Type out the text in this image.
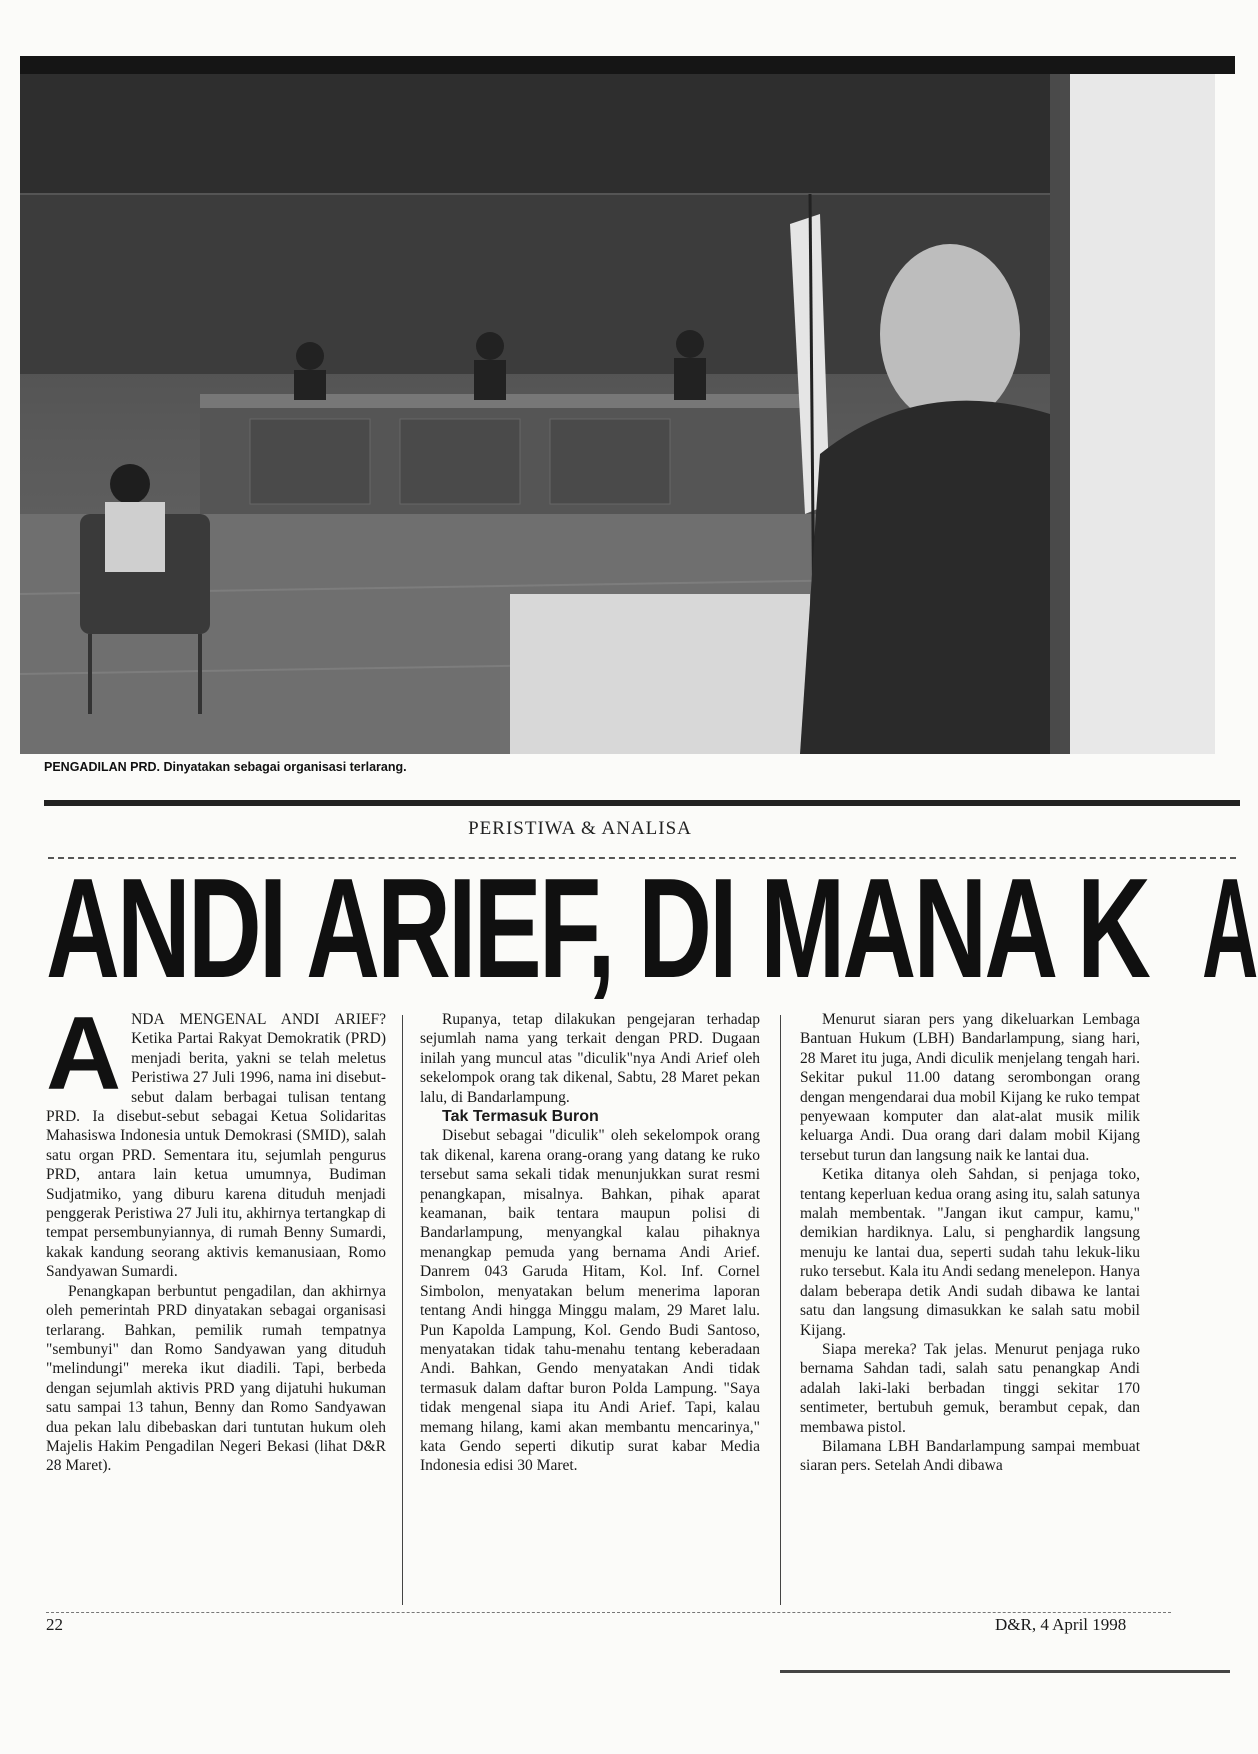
PENGADILAN PRD. Dinyatakan sebagai organisasi terlarang.
PERISTIWA & ANALISA
ANDI ARIEF, DI MANA K A
A NDA MENGENAL ANDI ARIEF? Ketika Partai Rakyat Demokratik (PRD) menjadi berita, yakni se telah meletus Peristiwa 27 Juli 1996, nama ini disebut-sebut dalam berbagai tulisan tentang PRD. Ia disebut-sebut sebagai Ketua Solidaritas Mahasiswa Indonesia untuk Demokrasi (SMID), salah satu organ PRD. Sementara itu, sejumlah pengurus PRD, antara lain ketua umumnya, Budiman Sudjatmiko, yang diburu karena dituduh menjadi penggerak Peristiwa 27 Juli itu, akhirnya tertangkap di tempat persembunyiannya, di rumah Benny Sumardi, kakak kandung seorang aktivis kemanusiaan, Romo Sandyawan Sumardi.

Penangkapan berbuntut pengadilan, dan akhirnya oleh pemerintah PRD dinyatakan sebagai organisasi terlarang. Bahkan, pemilik rumah tempatnya "sembunyi" dan Romo Sandyawan yang dituduh "melindungi" mereka ikut diadili. Tapi, berbeda dengan sejumlah aktivis PRD yang dijatuhi hukuman satu sampai 13 tahun, Benny dan Romo Sandyawan dua pekan lalu dibebaskan dari tuntutan hukum oleh Majelis Hakim Pengadilan Negeri Bekasi (lihat D&R 28 Maret).

Rupanya, tetap dilakukan pengejaran terhadap sejumlah nama yang terkait dengan PRD. Dugaan inilah yang muncul atas "diculik"nya Andi Arief oleh sekelompok orang tak dikenal, Sabtu, 28 Maret pekan lalu, di Bandarlampung.

Tak Termasuk Buron

Disebut sebagai "diculik" oleh sekelompok orang tak dikenal, karena orang-orang yang datang ke ruko tersebut sama sekali tidak menunjukkan surat resmi penangkapan, misalnya. Bahkan, pihak aparat keamanan, baik tentara maupun polisi di Bandarlampung, menyangkal kalau pihaknya menangkap pemuda yang bernama Andi Arief. Danrem 043 Garuda Hitam, Kol. Inf. Cornel Simbolon, menyatakan belum menerima laporan tentang Andi hingga Minggu malam, 29 Maret lalu. Pun Kapolda Lampung, Kol. Gendo Budi Santoso, menyatakan tidak tahu-menahu tentang keberadaan Andi. Bahkan, Gendo menyatakan Andi tidak termasuk dalam daftar buron Polda Lampung. "Saya tidak mengenal siapa itu Andi Arief. Tapi, kalau memang hilang, kami akan membantu mencarinya," kata Gendo seperti dikutip surat kabar Media Indonesia edisi 30 Maret.

Menurut siaran pers yang dikeluarkan Lembaga Bantuan Hukum (LBH) Bandarlampung, siang hari, 28 Maret itu juga, Andi diculik menjelang tengah hari. Sekitar pukul 11.00 datang serombongan orang dengan mengendarai dua mobil Kijang ke ruko tempat penyewaan komputer dan alat-alat musik milik keluarga Andi. Dua orang dari dalam mobil Kijang tersebut turun dan langsung naik ke lantai dua.

Ketika ditanya oleh Sahdan, si penjaga toko, tentang keperluan kedua orang asing itu, salah satunya malah membentak. "Jangan ikut campur, kamu," demikian hardiknya. Lalu, si penghardik langsung menuju ke lantai dua, seperti sudah tahu lekuk-liku ruko tersebut. Kala itu Andi sedang menelepon. Hanya dalam beberapa detik Andi sudah dibawa ke lantai satu dan langsung dimasukkan ke salah satu mobil Kijang.

Siapa mereka? Tak jelas. Menurut penjaga ruko bernama Sahdan tadi, salah satu penangkap Andi adalah laki-laki berbadan tinggi sekitar 170 sentimeter, bertubuh gemuk, berambut cepak, dan membawa pistol.

Bilamana LBH Bandarlampung sampai membuat siaran pers. Setelah Andi dibawa

22	D&R, 4 April 1998
